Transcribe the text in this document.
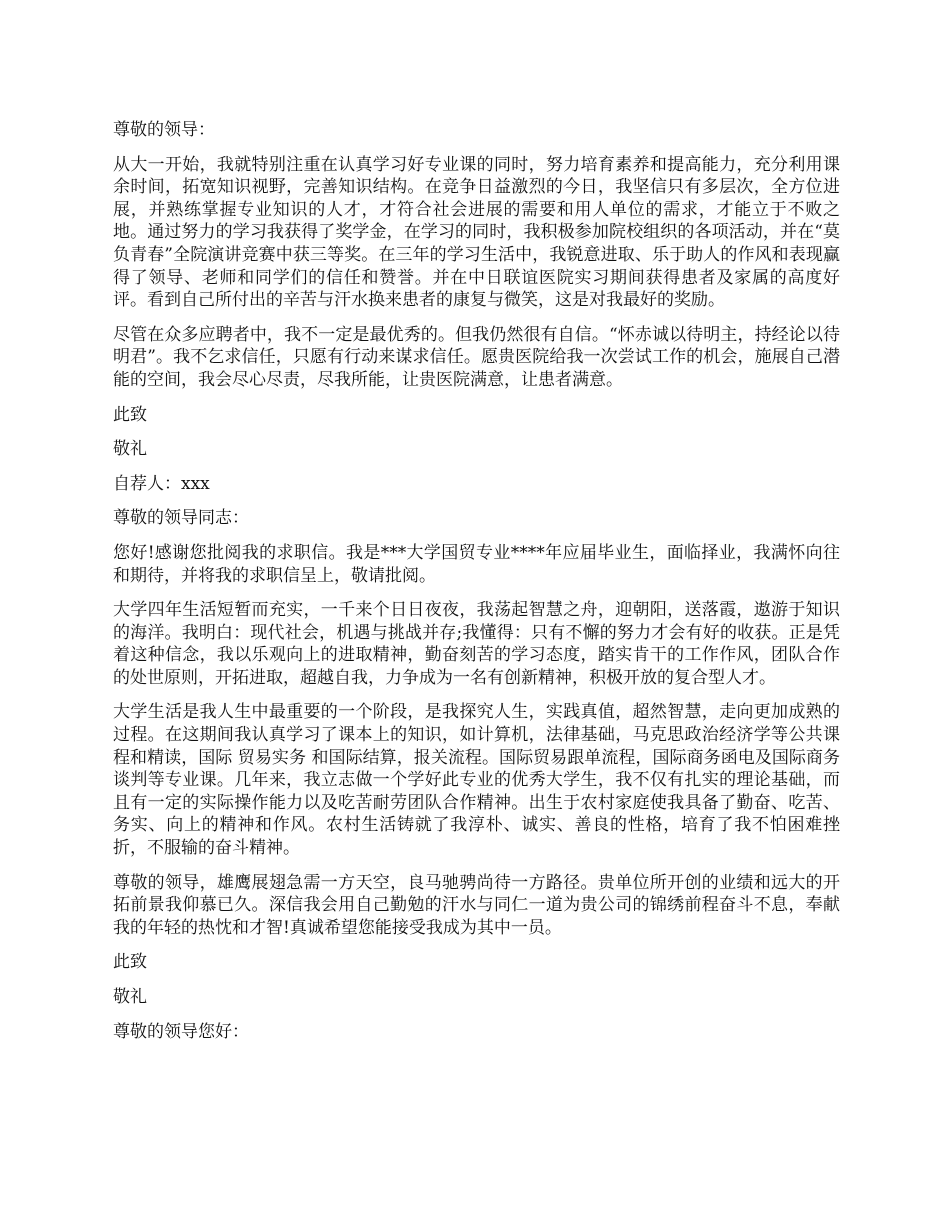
尊敬的领导：

从大一开始，我就特别注重在认真学习好专业课的同时，努力培育素养和提高能力，充分利用课余时间，拓宽知识视野，完善知识结构。在竞争日益激烈的今日，我坚信只有多层次，全方位进展，并熟练掌握专业知识的人才，才符合社会进展的需要和用人单位的需求，才能立于不败之地。通过努力的学习我获得了奖学金，在学习的同时，我积极参加院校组织的各项活动，并在“莫负青春”全院演讲竞赛中获三等奖。在三年的学习生活中，我锐意进取、乐于助人的作风和表现赢得了领导、老师和同学们的信任和赞誉。并在中日联谊医院实习期间获得患者及家属的高度好评。看到自己所付出的辛苦与汗水换来患者的康复与微笑，这是对我最好的奖励。

尽管在众多应聘者中，我不一定是最优秀的。但我仍然很有自信。“怀赤诚以待明主，持经论以待明君”。我不乞求信任，只愿有行动来谋求信任。愿贵医院给我一次尝试工作的机会，施展自己潜能的空间，我会尽心尽责，尽我所能，让贵医院满意，让患者满意。

此致

敬礼

自荐人：xxx

尊敬的领导同志：

您好!感谢您批阅我的求职信。我是***大学国贸专业****年应届毕业生，面临择业，我满怀向往和期待，并将我的求职信呈上，敬请批阅。

大学四年生活短暂而充实，一千来个日日夜夜，我荡起智慧之舟，迎朝阳，送落霞，遨游于知识的海洋。我明白：现代社会，机遇与挑战并存;我懂得：只有不懈的努力才会有好的收获。正是凭着这种信念，我以乐观向上的进取精神，勤奋刻苦的学习态度，踏实肯干的工作作风，团队合作的处世原则，开拓进取，超越自我，力争成为一名有创新精神，积极开放的复合型人才。

大学生活是我人生中最重要的一个阶段，是我探究人生，实践真值，超然智慧，走向更加成熟的过程。在这期间我认真学习了课本上的知识，如计算机，法律基础，马克思政治经济学等公共课程和精读，国际 贸易实务 和国际结算，报关流程。国际贸易跟单流程，国际商务函电及国际商务谈判等专业课。几年来，我立志做一个学好此专业的优秀大学生，我不仅有扎实的理论基础，而且有一定的实际操作能力以及吃苦耐劳团队合作精神。出生于农村家庭使我具备了勤奋、吃苦、务实、向上的精神和作风。农村生活铸就了我淳朴、诚实、善良的性格，培育了我不怕困难挫折，不服输的奋斗精神。

尊敬的领导，雄鹰展翅急需一方天空，良马驰骋尚待一方路径。贵单位所开创的业绩和远大的开拓前景我仰慕已久。深信我会用自己勤勉的汗水与同仁一道为贵公司的锦绣前程奋斗不息，奉献我的年轻的热忱和才智!真诚希望您能接受我成为其中一员。

此致

敬礼

尊敬的领导您好：
